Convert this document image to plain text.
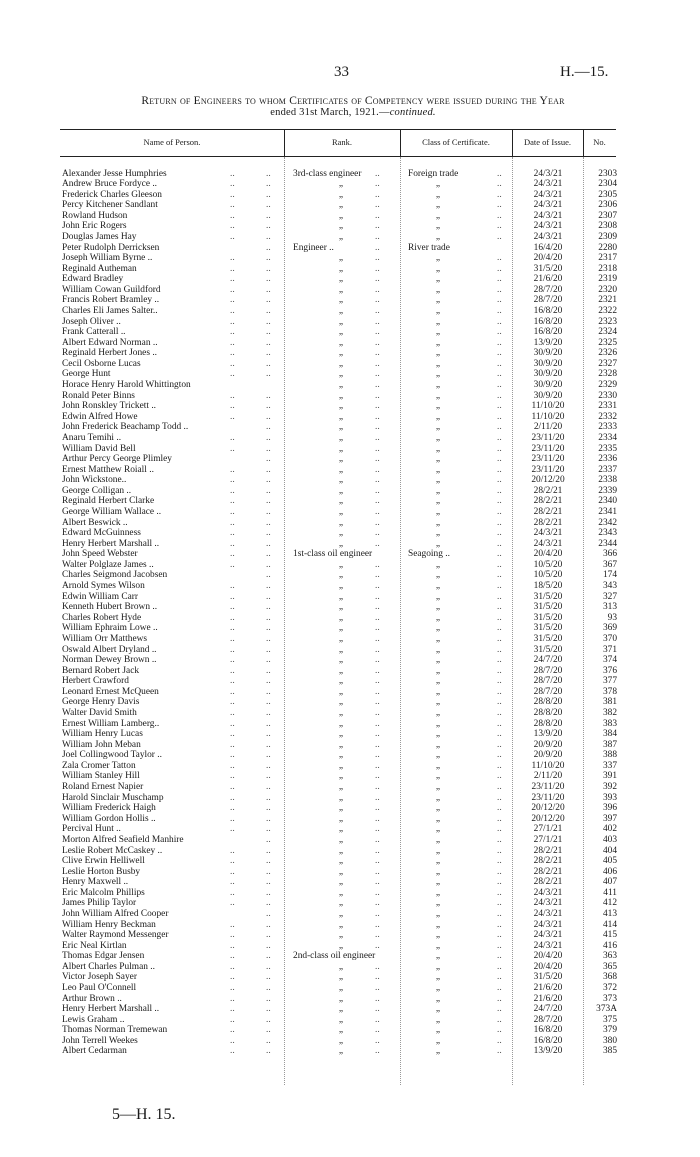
33	H.—15.
Return of Engineers to whom Certificates of Competency were issued during the Year
ended 31st March, 1921.—continued.
Name of Person.	Rank.	Class of Certificate.	Date of Issue.	No.
Alexander Jesse Humphries	..	.. 3rd-class engineer	..	Foreign trade	..	24/3/21	2303
Andrew Bruce Fordyce ..	..	..	„	..	„	..	24/3/21	2304
Frederick Charles Gleeson	..	..	„	..	„	..	24/3/21	2305
Percy Kitchener Sandlant	..	..	„	..	„	..	24/3/21	2306
Rowland Hudson	..	..	„	..	„	..	24/3/21	2307
John Eric Rogers	..	..	„	..	„	..	24/3/21	2308
Douglas James Hay	..	..	„	..	„	..	24/3/21	2309
Peter Rudolph Derricksen	.. Engineer ..	..	River trade	16/4/20	2280
Joseph William Byrne ..	..	..	„	..	„	..	20/4/20	2317
Reginald Autheman	..	..	„	..	„	..	31/5/20	2318
Edward Bradley	..	..	„	..	„	..	21/6/20	2319
William Cowan Guildford	..	..	„	..	„	..	28/7/20	2320
Francis Robert Bramley ..	..	..	„	..	„	..	28/7/20	2321
Charles Eli James Salter..	..	..	„	..	„	..	16/8/20	2322
Joseph Oliver ..	..	..	„	..	„	..	16/8/20	2323
Frank Catterall ..	..	..	„	..	„	..	16/8/20	2324
Albert Edward Norman ..	..	..	„	..	„	..	13/9/20	2325
Reginald Herbert Jones ..	..	..	„	..	„	..	30/9/20	2326
Cecil Osborne Lucas	..	..	„	..	„	..	30/9/20	2327
George Hunt	..	..	„	..	„	..	30/9/20	2328
Horace Henry Harold Whittington	„	..	„	..	30/9/20	2329
Ronald Peter Binns	..	..	„	..	„	..	30/9/20	2330
John Ronskley Trickett ..	..	..	„	..	„	..	11/10/20	2331
Edwin Alfred Howe	..	..	„	..	„	..	11/10/20	2332
John Frederick Beachamp Todd ..	..	„	..	„	..	2/11/20	2333
Anaru Temihi ..	..	..	„	..	„	..	23/11/20	2334
William David Bell	..	..	„	..	„	..	23/11/20	2335
Arthur Percy George Plimley	..	„	..	„	..	23/11/20	2336
Ernest Matthew Roiall ..	..	..	„	..	„	..	23/11/20	2337
John Wickstone..	..	..	„	..	„	..	20/12/20	2338
George Colligan ..	..	..	„	..	„	..	28/2/21	2339
Reginald Herbert Clarke	..	..	„	..	„	..	28/2/21	2340
George William Wallace ..	..	..	„	..	„	..	28/2/21	2341
Albert Beswick ..	..	..	„	..	„	..	28/2/21	2342
Edward McGuinness	..	..	„	..	„	..	24/3/21	2343
Henry Herbert Marshall ..	..	..	„	..	„	..	24/3/21	2344
John Speed Webster	..	.. 1st-class oil engineer	Seagoing ..	..	20/4/20	366
Walter Polglaze James ..	..	..	„	..	„	..	10/5/20	367
Charles Seigmond Jacobsen	..	„	..	„	..	10/5/20	174
Arnold Symes Wilson	..	..	„	..	„	..	18/5/20	343
Edwin William Carr	..	..	„	..	„	..	31/5/20	327
Kenneth Hubert Brown ..	..	..	„	..	„	..	31/5/20	313
Charles Robert Hyde	..	..	„	..	„	..	31/5/20	93
William Ephraim Lowe ..	..	..	„	..	„	..	31/5/20	369
William Orr Matthews	..	..	„	..	„	..	31/5/20	370
Oswald Albert Dryland ..	..	..	„	..	„	..	31/5/20	371
Norman Dewey Brown ..	..	..	„	..	„	..	24/7/20	374
Bernard Robert Jack	..	..	„	..	„	..	28/7/20	376
Herbert Crawford	..	..	„	..	„	..	28/7/20	377
Leonard Ernest McQueen	..	..	„	..	„	..	28/7/20	378
George Henry Davis	..	..	„	..	„	..	28/8/20	381
Walter David Smith	..	..	„	..	„	..	28/8/20	382
Ernest William Lamberg..	..	..	„	..	„	..	28/8/20	383
William Henry Lucas	..	..	„	..	„	..	13/9/20	384
William John Meban	..	..	„	..	„	..	20/9/20	387
Joel Collingwood Taylor ..	..	..	„	..	„	..	20/9/20	388
Zala Cromer Tatton	..	..	„	..	„	..	11/10/20	337
William Stanley Hill	..	..	„	..	„	..	2/11/20	391
Roland Ernest Napier	..	..	„	..	„	..	23/11/20	392
Harold Sinclair Muschamp	..	..	„	..	„	..	23/11/20	393
William Frederick Haigh	..	..	„	..	„	..	20/12/20	396
William Gordon Hollis ..	..	..	„	..	„	..	20/12/20	397
Percival Hunt ..	..	..	„	..	„	..	27/1/21	402
Morton Alfred Seafield Manhire	..	„	..	„	..	27/1/21	403
Leslie Robert McCaskey ..	..	..	„	..	„	..	28/2/21	404
Clive Erwin Helliwell	..	..	„	..	„	..	28/2/21	405
Leslie Horton Busby	..	..	„	..	„	..	28/2/21	406
Henry Maxwell ..	..	..	„	..	„	..	28/2/21	407
Eric Malcolm Phillips	..	..	„	..	„	..	24/3/21	411
James Philip Taylor	..	..	„	..	„	..	24/3/21	412
John William Alfred Cooper	..	„	..	„	..	24/3/21	413
William Henry Beckman	..	..	„	..	„	..	24/3/21	414
Walter Raymond Messenger	..	..	„	..	„	..	24/3/21	415
Eric Neal Kirtlan	..	..	„	..	„	..	24/3/21	416
Thomas Edgar Jensen	..	.. 2nd-class oil engineer	„	..	20/4/20	363
Albert Charles Pulman ..	..	..	„	..	„	..	20/4/20	365
Victor Joseph Sayer	..	..	„	..	„	..	31/5/20	368
Leo Paul O'Connell	..	..	„	..	„	..	21/6/20	372
Arthur Brown ..	..	..	„	..	„	..	21/6/20	373
Henry Herbert Marshall ..	..	..	„	..	„	..	24/7/20	373A
Lewis Graham ..	..	..	„	..	„	..	28/7/20	375
Thomas Norman Tremewan	..	..	„	..	„	..	16/8/20	379
John Terrell Weekes	..	..	„	..	„	..	16/8/20	380
Albert Cedarman	..	..	„	..	„	..	13/9/20	385
5—H. 15.
